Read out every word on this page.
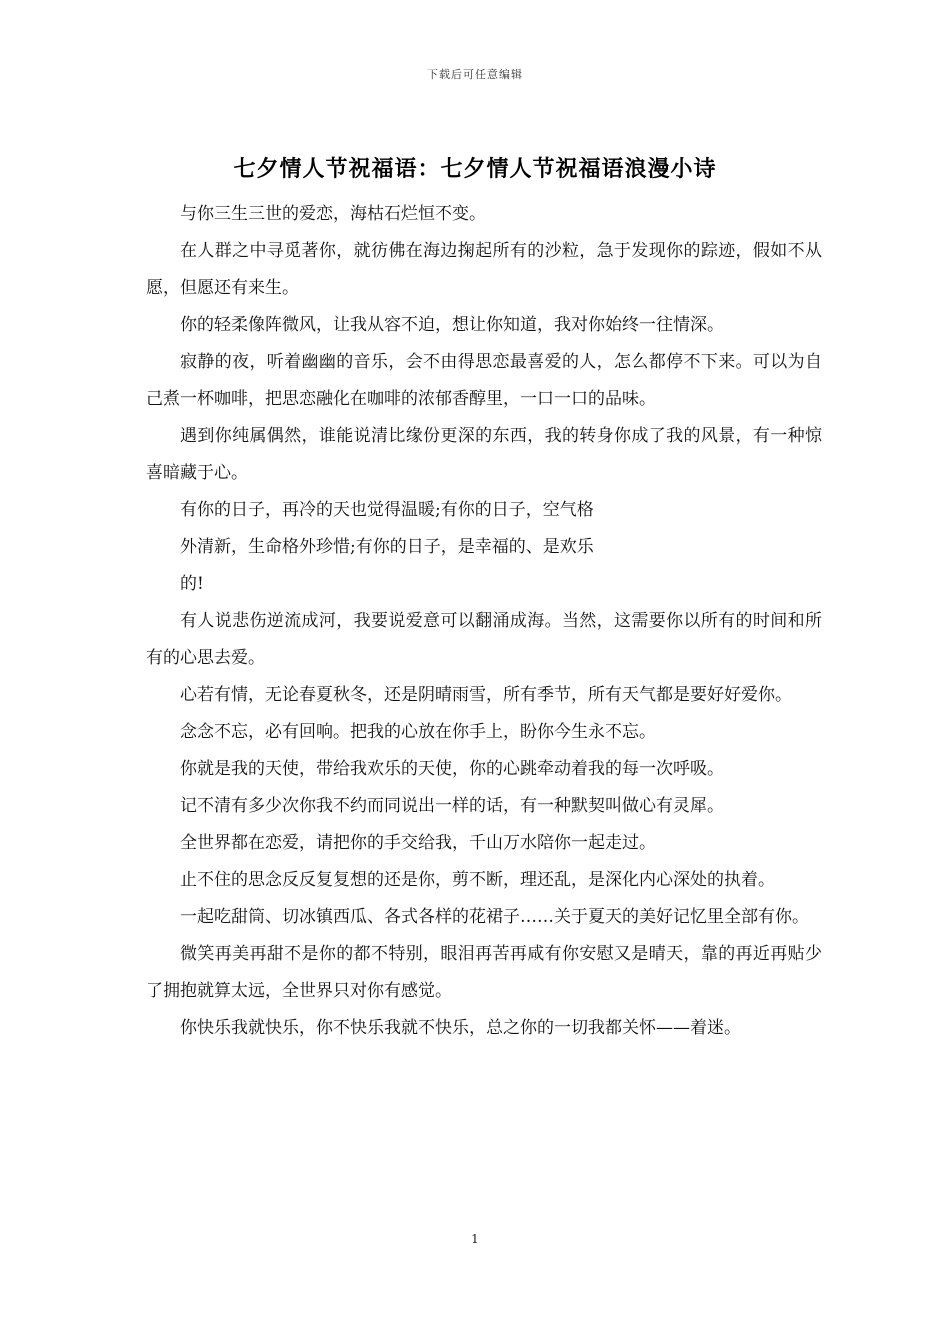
下载后可任意编辑
七夕情人节祝福语：七夕情人节祝福语浪漫小诗

与你三生三世的爱恋，海枯石烂恒不变。

在人群之中寻觅著你，就彷佛在海边掬起所有的沙粒，急于发现你的踪迹，假如不从愿，但愿还有来生。

你的轻柔像阵微风，让我从容不迫，想让你知道，我对你始终一往情深。

寂静的夜，听着幽幽的音乐，会不由得思恋最喜爱的人，怎么都停不下来。可以为自己煮一杯咖啡，把思恋融化在咖啡的浓郁香醇里，一口一口的品味。

遇到你纯属偶然，谁能说清比缘份更深的东西，我的转身你成了我的风景，有一种惊喜暗藏于心。

有你的日子，再冷的天也觉得温暖;有你的日子，空气格

外清新，生命格外珍惜;有你的日子，是幸福的、是欢乐

的!

有人说悲伤逆流成河，我要说爱意可以翻涌成海。当然，这需要你以所有的时间和所有的心思去爱。

心若有情，无论春夏秋冬，还是阴晴雨雪，所有季节，所有天气都是要好好爱你。

念念不忘，必有回响。把我的心放在你手上，盼你今生永不忘。

你就是我的天使，带给我欢乐的天使，你的心跳牵动着我的每一次呼吸。

记不清有多少次你我不约而同说出一样的话，有一种默契叫做心有灵犀。

全世界都在恋爱，请把你的手交给我，千山万水陪你一起走过。

止不住的思念反反复复想的还是你，剪不断，理还乱，是深化内心深处的执着。

一起吃甜筒、切冰镇西瓜、各式各样的花裙子……关于夏天的美好记忆里全部有你。

微笑再美再甜不是你的都不特别，眼泪再苦再咸有你安慰又是晴天，靠的再近再贴少了拥抱就算太远，全世界只对你有感觉。

你快乐我就快乐，你不快乐我就不快乐，总之你的一切我都关怀——着迷。

1
